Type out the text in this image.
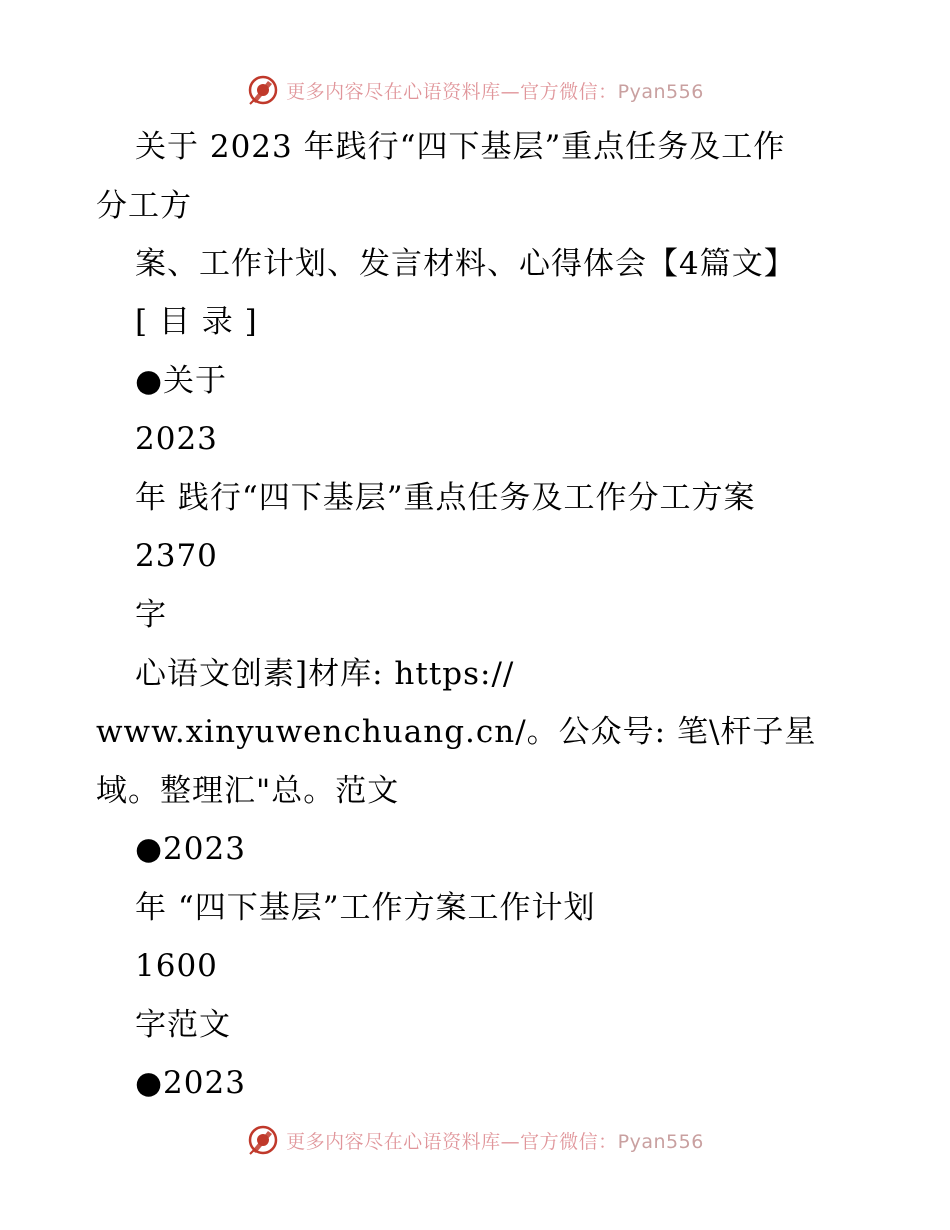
更多内容尽在心语资料库—官方微信：Pyan556
关于 2023 年践行“四下基层”重点任务及工作
分工方
案、工作计划、发言材料、心得体会【4篇文】
[ 目 录 ]
●关于
2023
年 践行“四下基层”重点任务及工作分工方案
2370
字
心语文创素]材库: https://
www.xinyuwenchuang.cn/。公众号: 笔\杆子星
域。整理汇"总。范文
●2023
年 “四下基层”工作方案工作计划
1600
字范文
●2023
更多内容尽在心语资料库—官方微信：Pyan556
